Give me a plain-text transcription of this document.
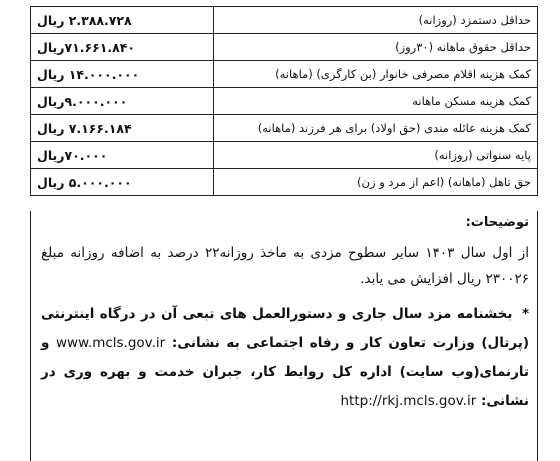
حداقل دستمزد (روزانه)	۲.۳۸۸.۷۲۸ ریال
حداقل حقوق ماهانه (۳۰روز)	۷۱.۶۶۱.۸۴۰ریال
کمک هزینه اقلام مصرفی خانوار (بن کارگری) (ماهانه)	۱۴.۰۰۰.۰۰۰ ریال
کمک هزینه مسکن ماهانه	۹.۰۰۰.۰۰۰ریال
کمک هزینه عائله مندی (حق اولاد) برای هر فرزند (ماهانه)	۷.۱۶۶.۱۸۴ ریال
پایه سنواتی (روزانه)	۷۰.۰۰۰ریال
حق تاهل (ماهانه) (اعم از مرد و زن)	۵.۰۰۰.۰۰۰ ریال
توضیحات:

از اول سال ۱۴۰۳ سایر سطوح مزدی به ماخذ روزانه۲۲ درصد به اضافه روزانه مبلغ ۲۳۰۰۲۶ ریال افزایش می یابد.

* بخشنامه مزد سال جاری و دستورالعمل های تبعی آن در درگاه اینترنتی (پرتال) وزارت تعاون کار و رفاه اجتماعی به نشانی: www.mcls.gov.ir و تارنمای(وب سایت) اداره کل روابط کار، جبران خدمت و بهره وری در نشانی: http://rkj.mcls.gov.ir
